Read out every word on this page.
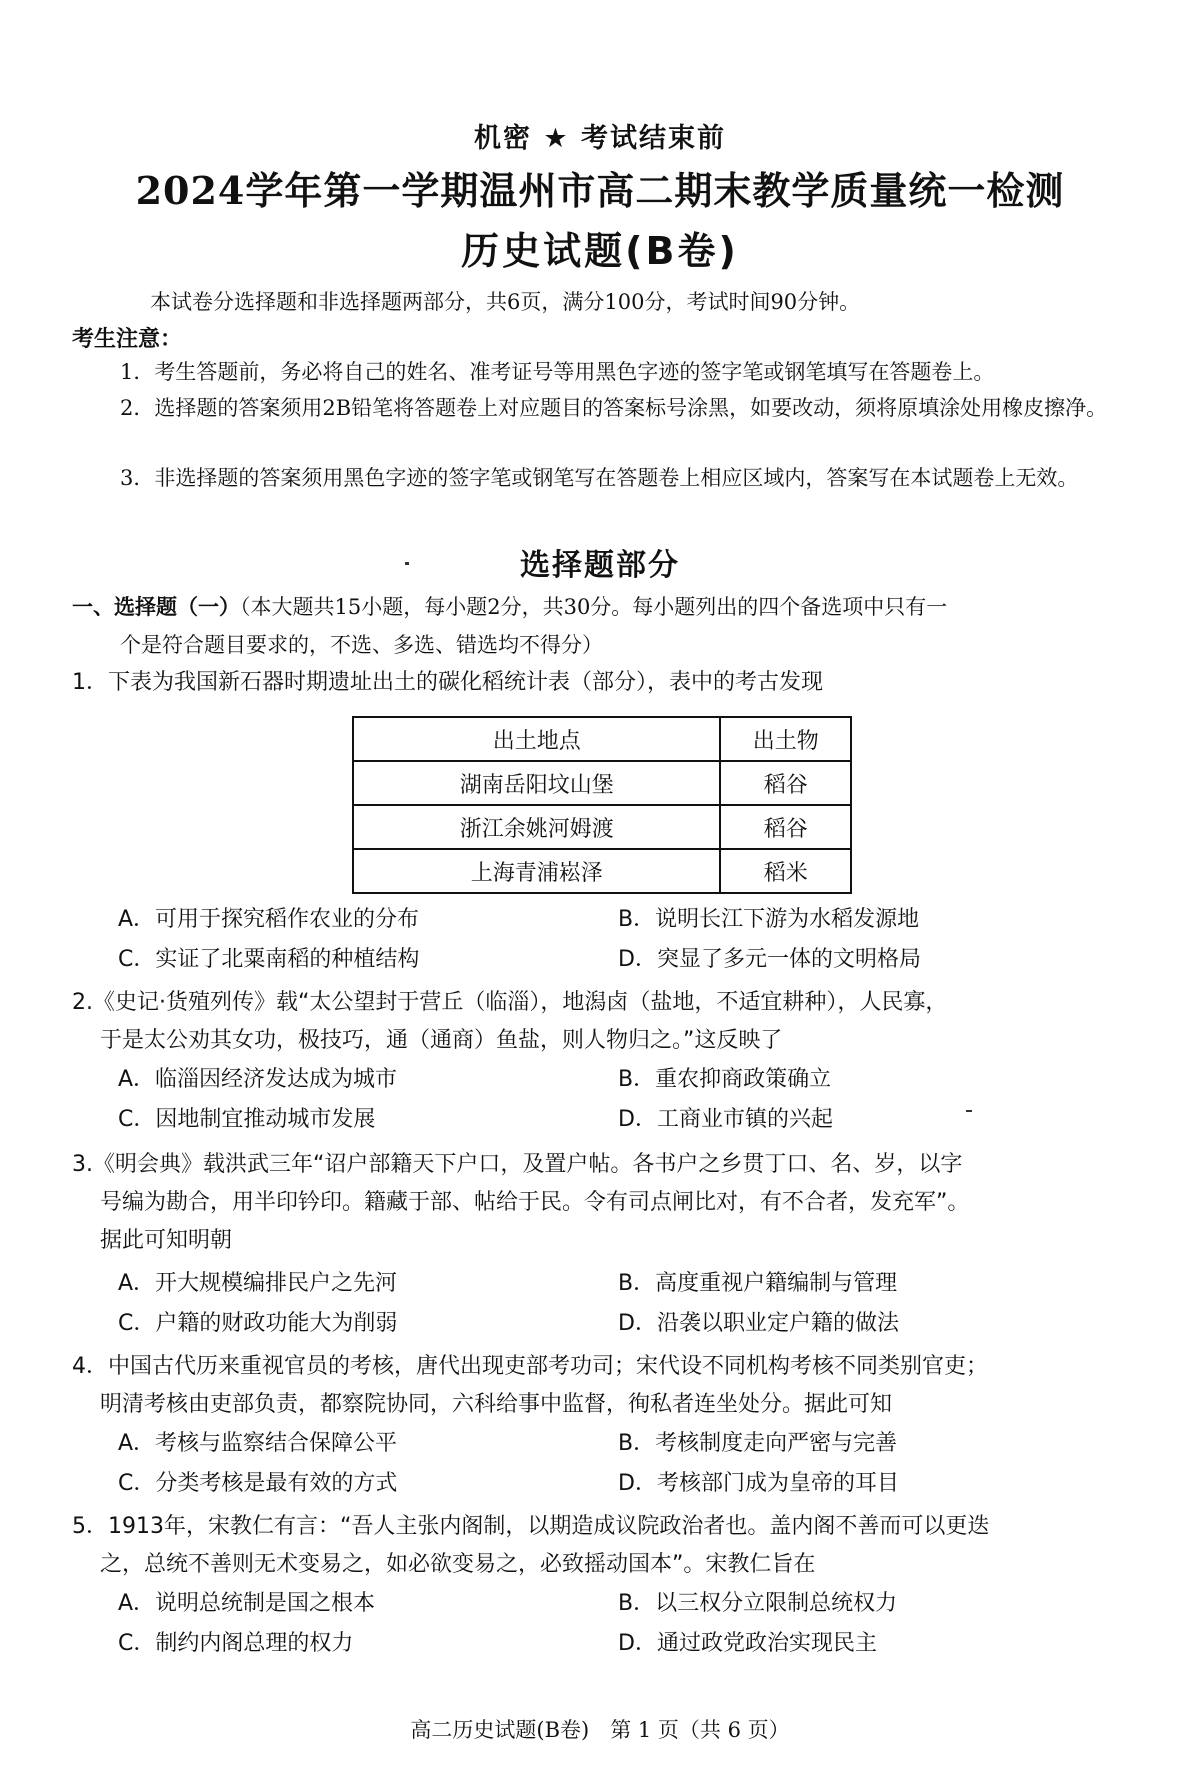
机密 ★ 考试结束前
2024学年第一学期温州市高二期末教学质量统一检测
历史试题(B卷)
本试卷分选择题和非选择题两部分，共6页，满分100分，考试时间90分钟。
考生注意：
1．考生答题前，务必将自己的姓名、准考证号等用黑色字迹的签字笔或钢笔填写在答题卷上。
2．选择题的答案须用2B铅笔将答题卷上对应题目的答案标号涂黑，如要改动，须将原填涂处用橡皮擦净。
3．非选择题的答案须用黑色字迹的签字笔或钢笔写在答题卷上相应区域内，答案写在本试题卷上无效。
选择题部分
一、选择题（一）（本大题共15小题，每小题2分，共30分。每小题列出的四个备选项中只有一
个是符合题目要求的，不选、多选、错选均不得分）
1．下表为我国新石器时期遗址出土的碳化稻统计表（部分），表中的考古发现
出土地点	出土物
湖南岳阳坟山堡	稻谷
浙江余姚河姆渡	稻谷
上海青浦崧泽	稻米
A．可用于探究稻作农业的分布	B．说明长江下游为水稻发源地
C．实证了北粟南稻的种植结构	D．突显了多元一体的文明格局
2.《史记·货殖列传》载“太公望封于营丘（临淄），地潟卤（盐地，不适宜耕种），人民寡，
于是太公劝其女功，极技巧，通（通商）鱼盐，则人物归之。”这反映了
A．临淄因经济发达成为城市	B．重农抑商政策确立
C．因地制宜推动城市发展	D．工商业市镇的兴起
3.《明会典》载洪武三年“诏户部籍天下户口，及置户帖。各书户之乡贯丁口、名、岁，以字
号编为勘合，用半印钤印。籍藏于部、帖给于民。令有司点闸比对，有不合者，发充军”。
据此可知明朝
A．开大规模编排民户之先河	B．高度重视户籍编制与管理
C．户籍的财政功能大为削弱	D．沿袭以职业定户籍的做法
4．中国古代历来重视官员的考核，唐代出现吏部考功司；宋代设不同机构考核不同类别官吏；
明清考核由吏部负责，都察院协同，六科给事中监督，徇私者连坐处分。据此可知
A．考核与监察结合保障公平	B．考核制度走向严密与完善
C．分类考核是最有效的方式	D．考核部门成为皇帝的耳目
5．1913年，宋教仁有言：“吾人主张内阁制，以期造成议院政治者也。盖内阁不善而可以更迭
之，总统不善则无术变易之，如必欲变易之，必致摇动国本”。宋教仁旨在
A．说明总统制是国之根本	B．以三权分立限制总统权力
C．制约内阁总理的权力	D．通过政党政治实现民主
高二历史试题(B卷)　第 1 页（共 6 页）
